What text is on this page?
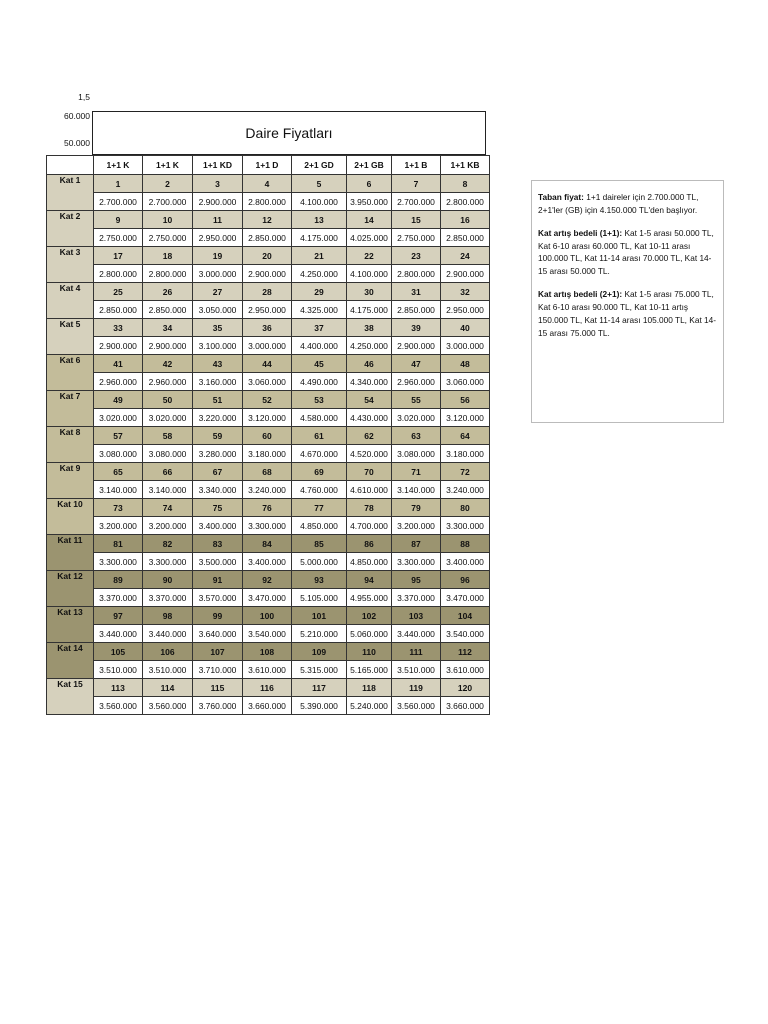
1,5
60.000
50.000
Daire Fiyatları
	1+1 K	1+1 K	1+1 KD	1+1 D	2+1 GD	2+1 GB	1+1 B	1+1 KB
Kat 1	1	2	3	4	5	6	7	8
	2.700.000	2.700.000	2.900.000	2.800.000	4.100.000	3.950.000	2.700.000	2.800.000
Kat 2	9	10	11	12	13	14	15	16
	2.750.000	2.750.000	2.950.000	2.850.000	4.175.000	4.025.000	2.750.000	2.850.000
Kat 3	17	18	19	20	21	22	23	24
	2.800.000	2.800.000	3.000.000	2.900.000	4.250.000	4.100.000	2.800.000	2.900.000
Kat 4	25	26	27	28	29	30	31	32
	2.850.000	2.850.000	3.050.000	2.950.000	4.325.000	4.175.000	2.850.000	2.950.000
Kat 5	33	34	35	36	37	38	39	40
	2.900.000	2.900.000	3.100.000	3.000.000	4.400.000	4.250.000	2.900.000	3.000.000
Kat 6	41	42	43	44	45	46	47	48
	2.960.000	2.960.000	3.160.000	3.060.000	4.490.000	4.340.000	2.960.000	3.060.000
Kat 7	49	50	51	52	53	54	55	56
	3.020.000	3.020.000	3.220.000	3.120.000	4.580.000	4.430.000	3.020.000	3.120.000
Kat 8	57	58	59	60	61	62	63	64
	3.080.000	3.080.000	3.280.000	3.180.000	4.670.000	4.520.000	3.080.000	3.180.000
Kat 9	65	66	67	68	69	70	71	72
	3.140.000	3.140.000	3.340.000	3.240.000	4.760.000	4.610.000	3.140.000	3.240.000
Kat 10	73	74	75	76	77	78	79	80
	3.200.000	3.200.000	3.400.000	3.300.000	4.850.000	4.700.000	3.200.000	3.300.000
Kat 11	81	82	83	84	85	86	87	88
	3.300.000	3.300.000	3.500.000	3.400.000	5.000.000	4.850.000	3.300.000	3.400.000
Kat 12	89	90	91	92	93	94	95	96
	3.370.000	3.370.000	3.570.000	3.470.000	5.105.000	4.955.000	3.370.000	3.470.000
Kat 13	97	98	99	100	101	102	103	104
	3.440.000	3.440.000	3.640.000	3.540.000	5.210.000	5.060.000	3.440.000	3.540.000
Kat 14	105	106	107	108	109	110	111	112
	3.510.000	3.510.000	3.710.000	3.610.000	5.315.000	5.165.000	3.510.000	3.610.000
Kat 15	113	114	115	116	117	118	119	120
	3.560.000	3.560.000	3.760.000	3.660.000	5.390.000	5.240.000	3.560.000	3.660.000

Taban fiyat: 1+1 daireler için 2.700.000 TL, 2+1'ler (GB) için 4.150.000 TL'den başlıyor.

Kat artış bedeli (1+1): Kat 1-5 arası 50.000 TL, Kat 6-10 arası 60.000 TL, Kat 10-11 arası 100.000 TL, Kat 11-14 arası 70.000 TL, Kat 14-15 arası 50.000 TL.

Kat artış bedeli (2+1): Kat 1-5 arası 75.000 TL, Kat 6-10 arası 90.000 TL, Kat 10-11 artış 150.000 TL, Kat 11-14 arası 105.000 TL, Kat 14-15 arası 75.000 TL.
